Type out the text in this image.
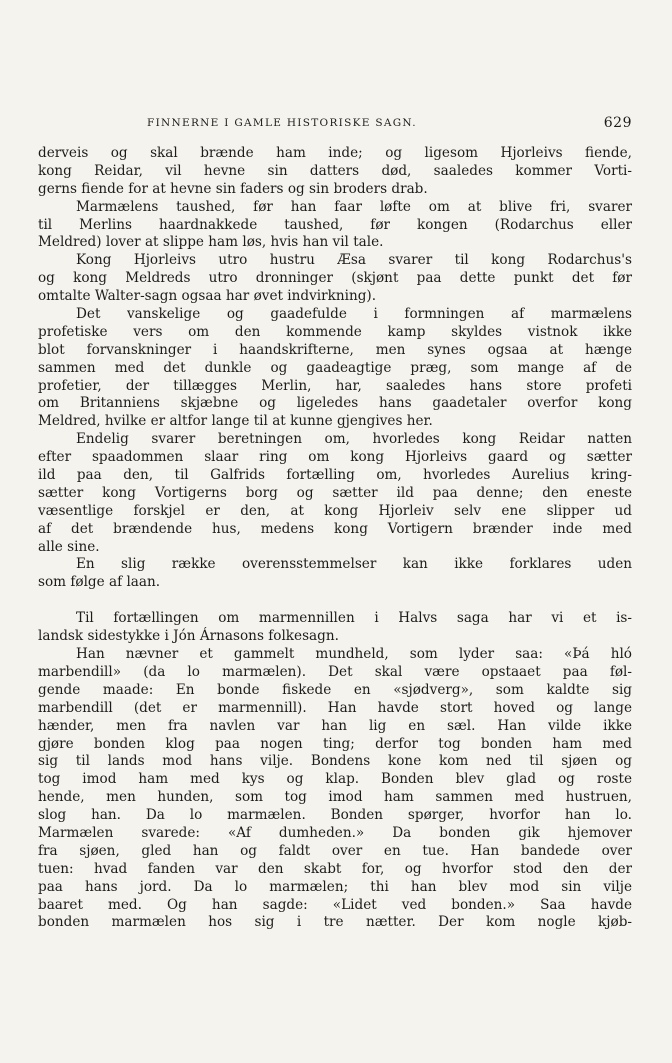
FINNERNE I GAMLE HISTORISKE SAGN.	629
derveis og skal brænde ham inde; og ligesom Hjorleivs fiende,
kong Reidar, vil hevne sin datters død, saaledes kommer Vorti-
gerns fiende for at hevne sin faders og sin broders drab.
Marmælens taushed, før han faar løfte om at blive fri, svarer
til Merlins haardnakkede taushed, før kongen (Rodarchus eller
Meldred) lover at slippe ham løs, hvis han vil tale.
Kong Hjorleivs utro hustru Æsa svarer til kong Rodarchus's
og kong Meldreds utro dronninger (skjønt paa dette punkt det før
omtalte Walter-sagn ogsaa har øvet indvirkning).
Det vanskelige og gaadefulde i formningen af marmælens
profetiske vers om den kommende kamp skyldes vistnok ikke
blot forvanskninger i haandskrifterne, men synes ogsaa at hænge
sammen med det dunkle og gaadeagtige præg, som mange af de
profetier, der tillægges Merlin, har, saaledes hans store profeti
om Britanniens skjæbne og ligeledes hans gaadetaler overfor kong
Meldred, hvilke er altfor lange til at kunne gjengives her.
Endelig svarer beretningen om, hvorledes kong Reidar natten
efter spaadommen slaar ring om kong Hjorleivs gaard og sætter
ild paa den, til Galfrids fortælling om, hvorledes Aurelius kring-
sætter kong Vortigerns borg og sætter ild paa denne; den eneste
væsentlige forskjel er den, at kong Hjorleiv selv ene slipper ud
af det brændende hus, medens kong Vortigern brænder inde med
alle sine.
En slig række overensstemmelser kan ikke forklares uden
som følge af laan.
Til fortællingen om marmennillen i Halvs saga har vi et is-
landsk sidestykke i Jón Árnasons folkesagn.
Han nævner et gammelt mundheld, som lyder saa: «Þá hló
marbendill» (da lo marmælen). Det skal være opstaaet paa føl-
gende maade: En bonde fiskede en «sjødverg», som kaldte sig
marbendill (det er marmennill). Han havde stort hoved og lange
hænder, men fra navlen var han lig en sæl. Han vilde ikke
gjøre bonden klog paa nogen ting; derfor tog bonden ham med
sig til lands mod hans vilje. Bondens kone kom ned til sjøen og
tog imod ham med kys og klap. Bonden blev glad og roste
hende, men hunden, som tog imod ham sammen med hustruen,
slog han. Da lo marmælen. Bonden spørger, hvorfor han lo.
Marmælen svarede: «Af dumheden.» Da bonden gik hjemover
fra sjøen, gled han og faldt over en tue. Han bandede over
tuen: hvad fanden var den skabt for, og hvorfor stod den der
paa hans jord. Da lo marmælen; thi han blev mod sin vilje
baaret med. Og han sagde: «Lidet ved bonden.» Saa havde
bonden marmælen hos sig i tre nætter. Der kom nogle kjøb-
